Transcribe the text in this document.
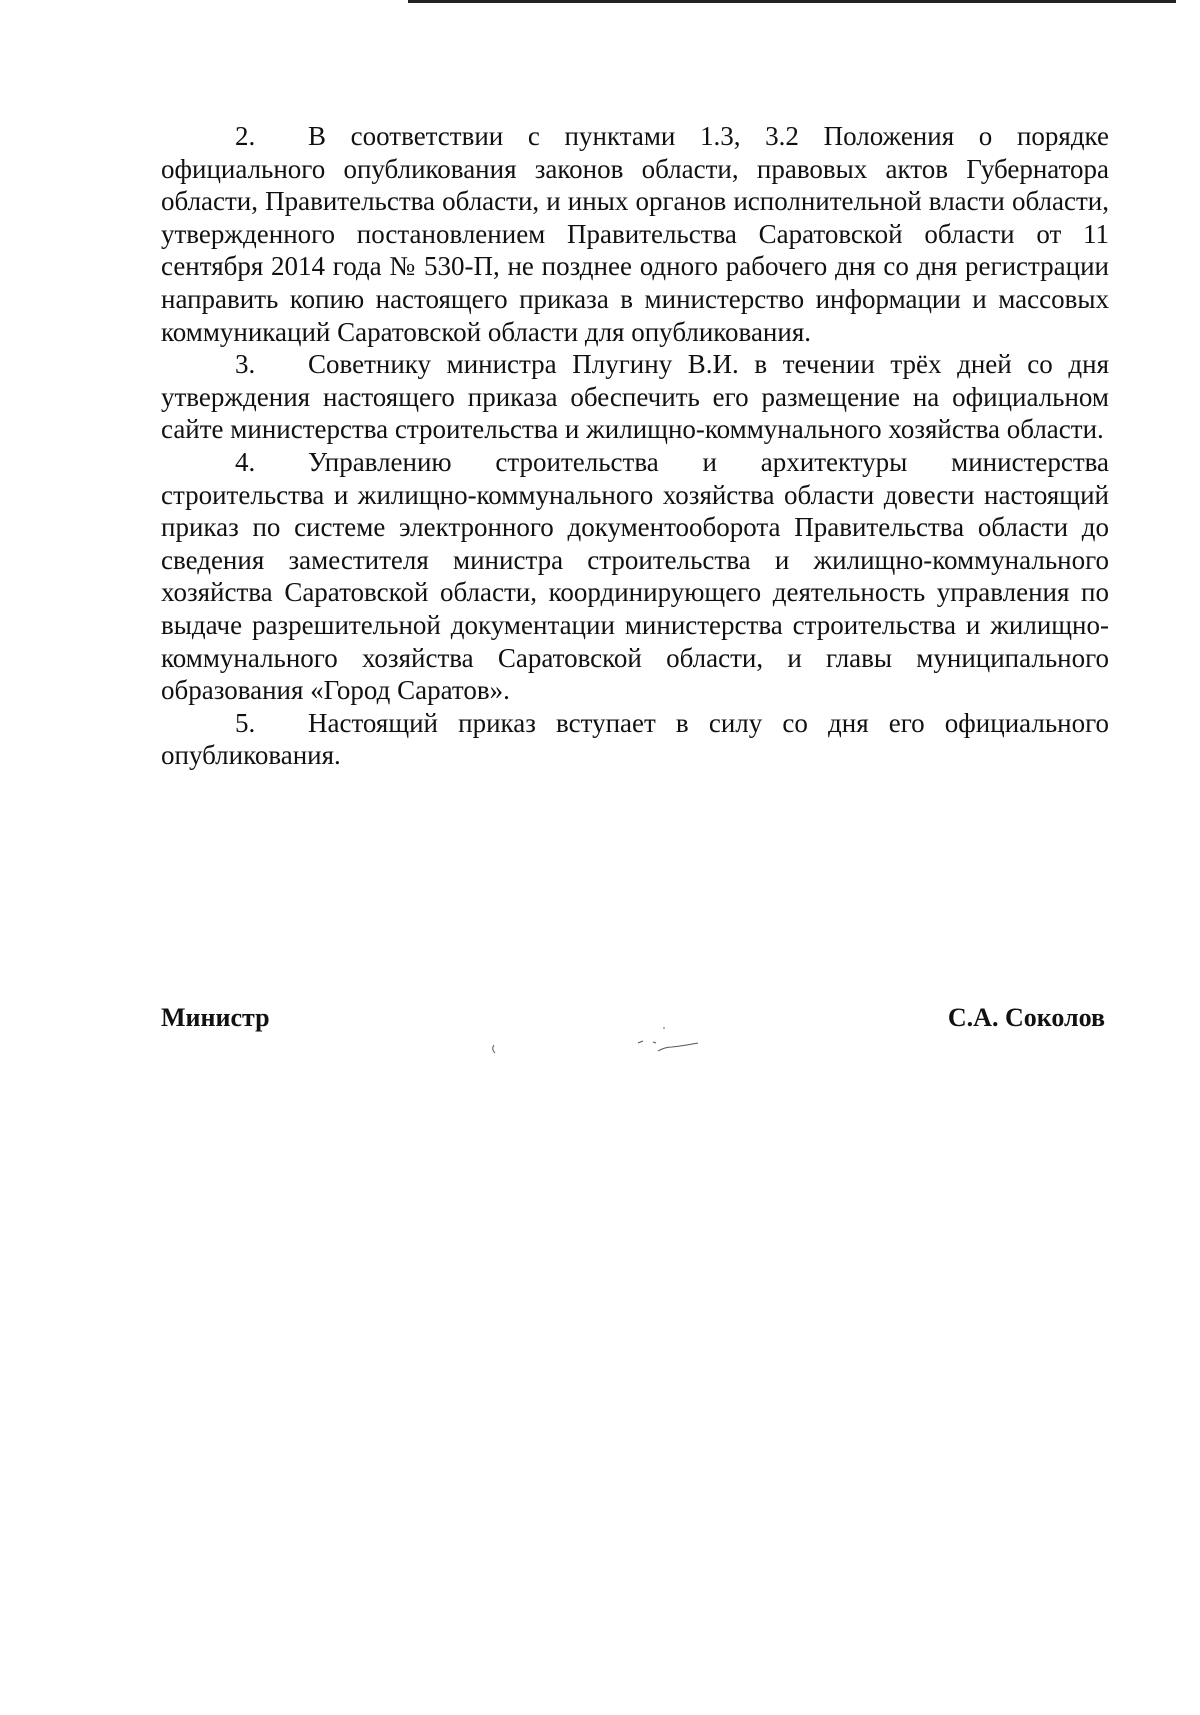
2. В соответствии с пунктами 1.3, 3.2 Положения о порядке официального опубликования законов области, правовых актов Губернатора области, Правительства области, и иных органов исполнительной власти области, утвержденного постановлением Правительства Саратовской области от 11 сентября 2014 года № 530-П, не позднее одного рабочего дня со дня регистрации направить копию настоящего приказа в министерство информации и массовых коммуникаций Саратовской области для опубликования.

3. Советнику министра Плугину В.И. в течении трёх дней со дня утверждения настоящего приказа обеспечить его размещение на официальном сайте министерства строительства и жилищно-коммунального хозяйства области.

4. Управлению строительства и архитектуры министерства строительства и жилищно-коммунального хозяйства области довести настоящий приказ по системе электронного документооборота Правительства области до сведения заместителя министра строительства и жилищно-коммунального хозяйства Саратовской области, координирующего деятельность управления по выдаче разрешительной документации министерства строительства и жилищно-коммунального хозяйства Саратовской области, и главы муниципального образования «Город Саратов».

5. Настоящий приказ вступает в силу со дня его официального опубликования.

Министр	С.А. Соколов
